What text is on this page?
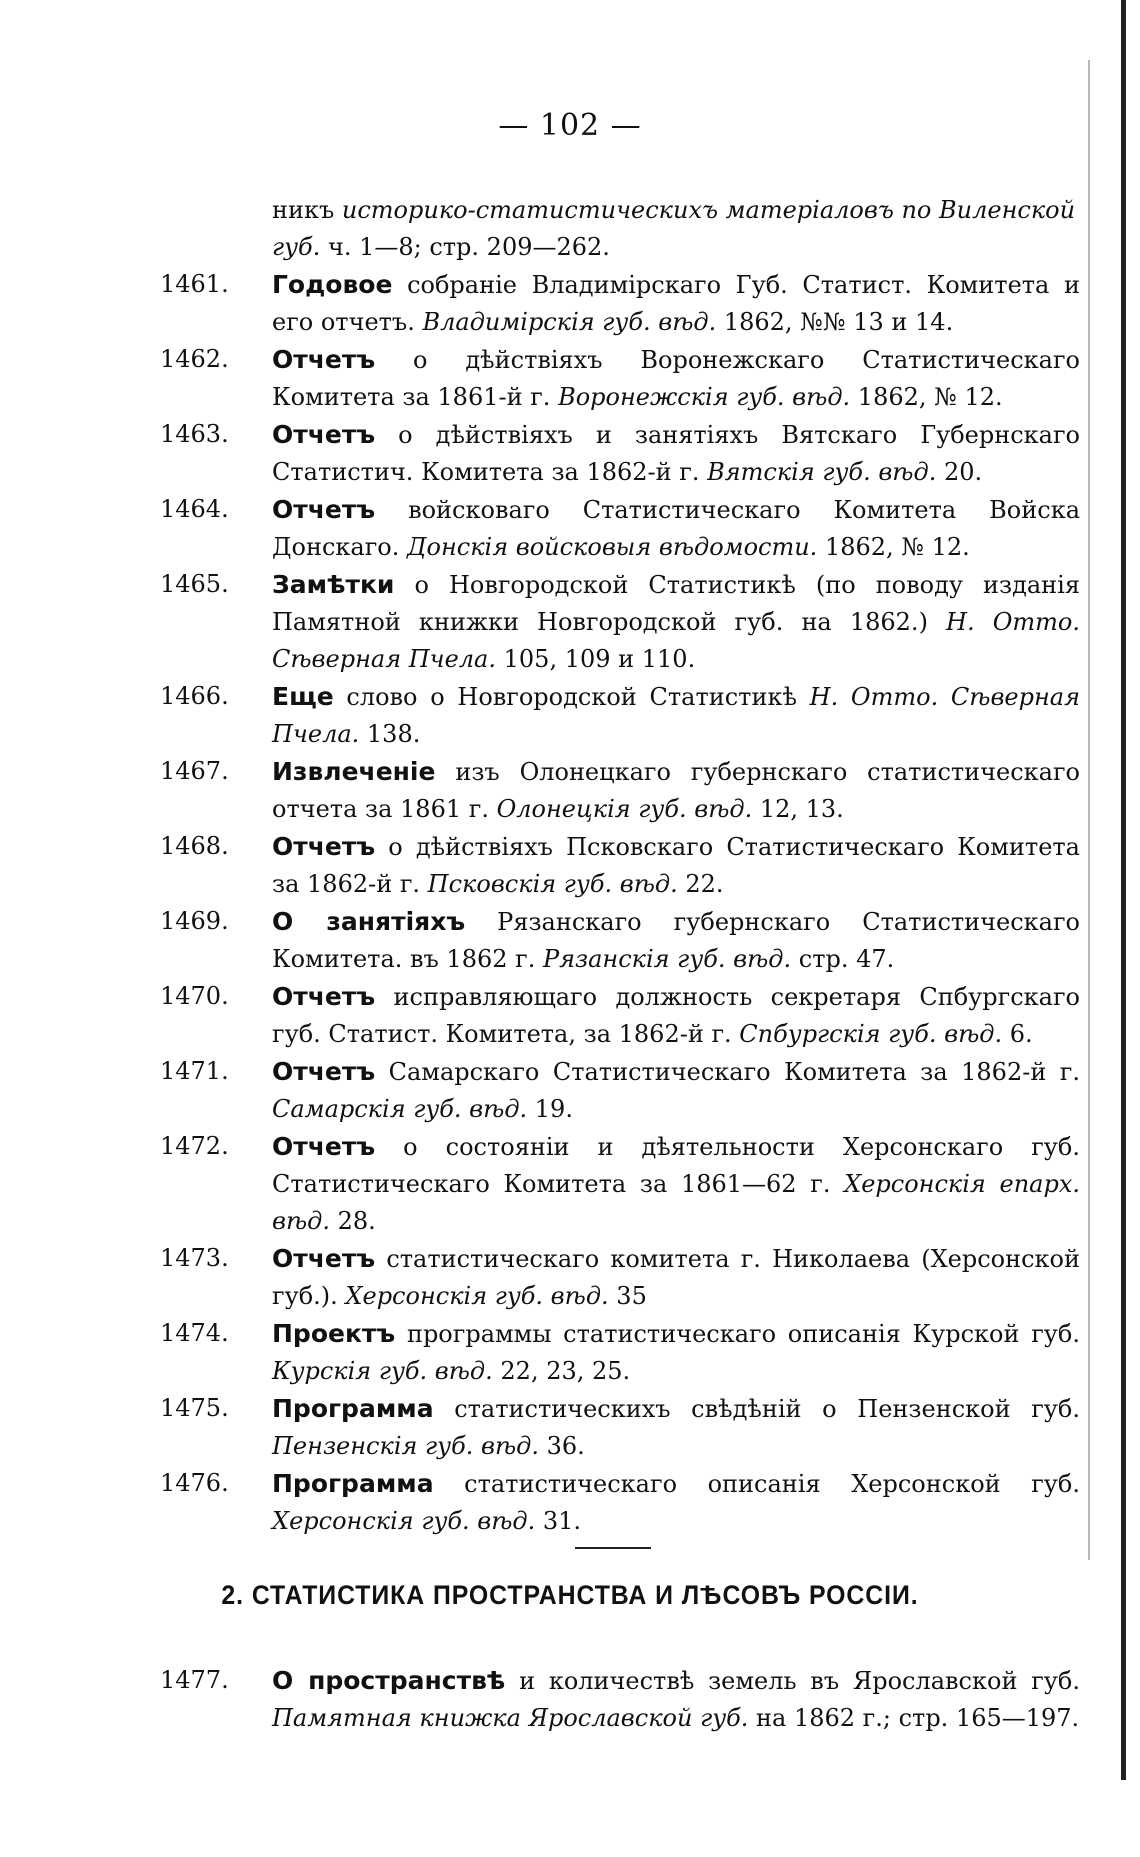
— 102 —
никъ историко-статистическихъ матеріаловъ по Виленской губ. ч. 1—8; стр. 209—262.
1461.	Годовое собраніе Владимірскаго Губ. Статист. Комитета и его отчетъ. Владимірскія губ. вѣд. 1862, №№ 13 и 14.
1462.	Отчетъ о дѣйствіяхъ Воронежскаго Статистическаго Комитета за 1861-й г. Воронежскія губ. вѣд. 1862, № 12.
1463.	Отчетъ о дѣйствіяхъ и занятіяхъ Вятскаго Губернскаго Статистич. Комитета за 1862-й г. Вятскія губ. вѣд. 20.
1464.	Отчетъ войсковаго Статистическаго Комитета Войска Донскаго. Донскія войсковыя вѣдомости. 1862, № 12.
1465.	Замѣтки о Новгородской Статистикѣ (по поводу изданія Памятной книжки Новгородской губ. на 1862.) Н. Отто. Сѣверная Пчела. 105, 109 и 110.
1466.	Еще слово о Новгородской Статистикѣ Н. Отто. Сѣверная Пчела. 138.
1467.	Извлеченіе изъ Олонецкаго губернскаго статистическаго отчета за 1861 г. Олонецкія губ. вѣд. 12, 13.
1468.	Отчетъ о дѣйствіяхъ Псковскаго Статистическаго Комитета за 1862-й г. Псковскія губ. вѣд. 22.
1469.	О занятіяхъ Рязанскаго губернскаго Статистическаго Комитета. въ 1862 г. Рязанскія губ. вѣд. стр. 47.
1470.	Отчетъ исправляющаго должность секретаря Спбургскаго губ. Статист. Комитета, за 1862-й г. Спбургскія губ. вѣд. 6.
1471.	Отчетъ Самарскаго Статистическаго Комитета за 1862-й г. Самарскія губ. вѣд. 19.
1472.	Отчетъ о состояніи и дѣятельности Херсонскаго губ. Статистическаго Комитета за 1861—62 г. Херсонскія епарх. вѣд. 28.
1473.	Отчетъ статистическаго комитета г. Николаева (Херсонской губ.). Херсонскія губ. вѣд. 35
1474.	Проектъ программы статистическаго описанія Курской губ. Курскія губ. вѣд. 22, 23, 25.
1475.	Программа статистическихъ свѣдѣній о Пензенской губ. Пензенскія губ. вѣд. 36.
1476.	Программа статистическаго описанія Херсонской губ. Херсонскія губ. вѣд. 31.
2. СТАТИСТИКА ПРОСТРАНСТВА И ЛѢСОВЪ РОССІИ.
1477.	О пространствѣ и количествѣ земель въ Ярославской губ. Памятная книжка Ярославской губ. на 1862 г.; стр. 165—197.
